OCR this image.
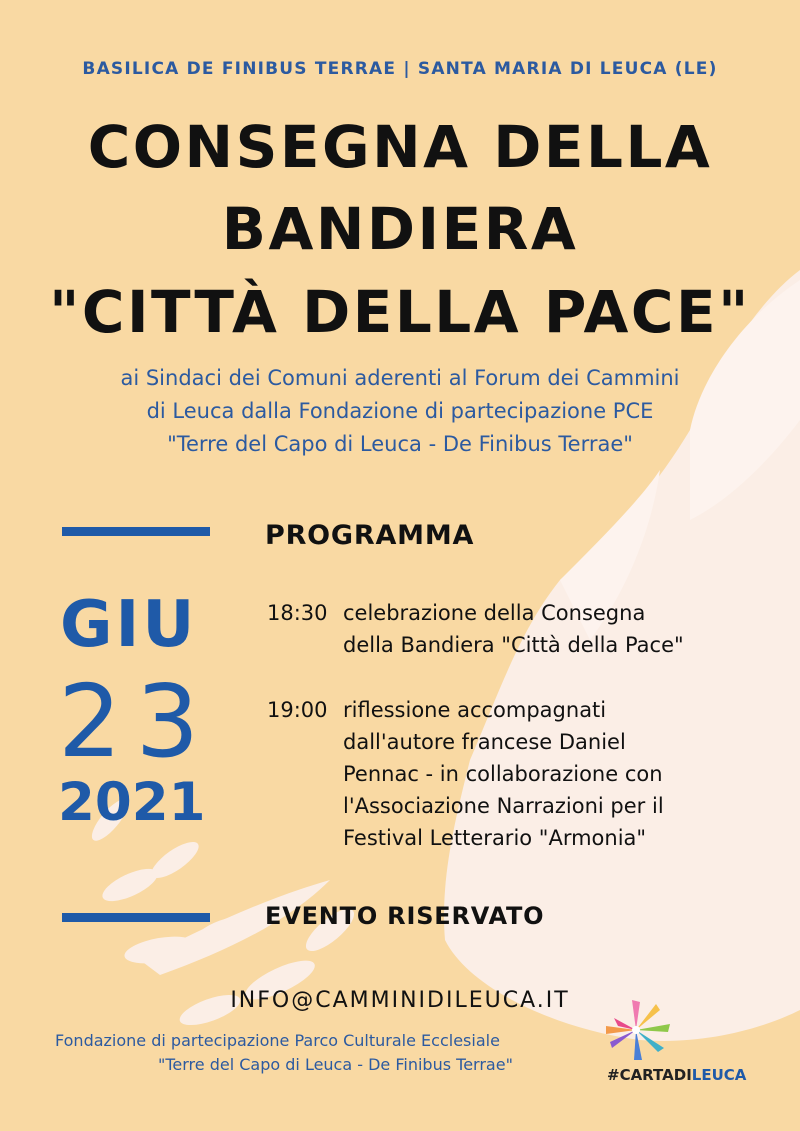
BASILICA DE FINIBUS TERRAE | SANTA MARIA DI LEUCA (LE)
CONSEGNA DELLA
BANDIERA
"CITTÀ DELLA PACE"
ai Sindaci dei Comuni aderenti al Forum dei Cammini
di Leuca dalla Fondazione di partecipazione PCE
"Terre del Capo di Leuca - De Finibus Terrae"
PROGRAMMA
GIU
23
2021
18:30 celebrazione della Consegna
della Bandiera "Città della Pace"
19:00 riflessione accompagnati
dall'autore francese Daniel
Pennac - in collaborazione con
l'Associazione Narrazioni per il
Festival Letterario "Armonia"
EVENTO RISERVATO
INFO@CAMMINIDILEUCA.IT
Fondazione di partecipazione Parco Culturale Ecclesiale
"Terre del Capo di Leuca - De Finibus Terrae"
#CARTADILEUCA
